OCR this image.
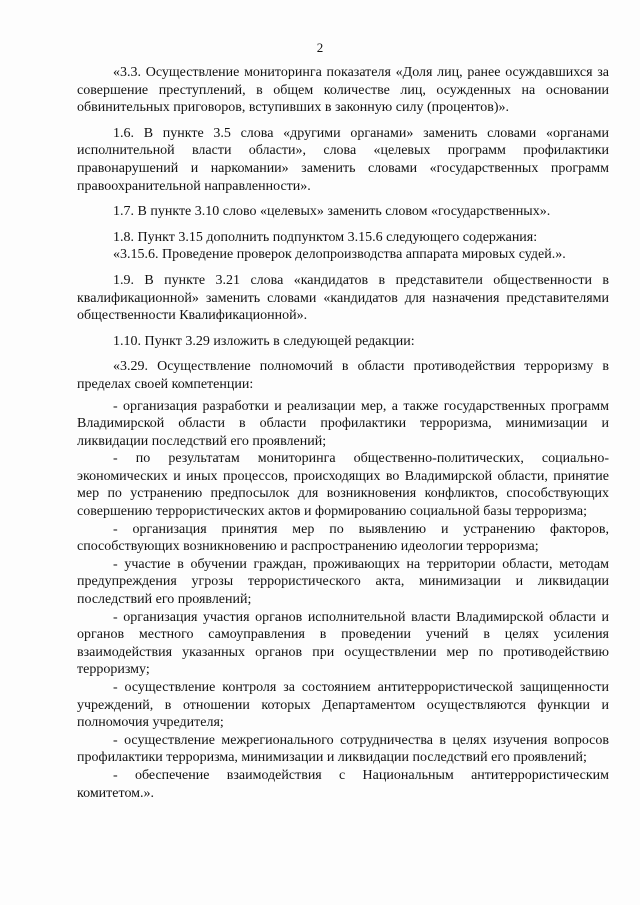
2

«3.3. Осуществление мониторинга показателя «Доля лиц, ранее осуждавшихся за совершение преступлений, в общем количестве лиц, осужденных на основании обвинительных приговоров, вступивших в законную силу (процентов)».

1.6. В пункте 3.5 слова «другими органами» заменить словами «органами исполнительной власти области», слова «целевых программ профилактики правонарушений и наркомании» заменить словами «государственных программ правоохранительной направленности».

1.7. В пункте 3.10 слово «целевых» заменить словом «государственных».

1.8. Пункт 3.15 дополнить подпунктом 3.15.6 следующего содержания:

«3.15.6. Проведение проверок делопроизводства аппарата мировых судей.».

1.9. В пункте 3.21 слова «кандидатов в представители общественности в квалификационной» заменить словами «кандидатов для назначения представителями общественности Квалификационной».

1.10. Пункт 3.29 изложить в следующей редакции:

«3.29. Осуществление полномочий в области противодействия терроризму в пределах своей компетенции:

- организация разработки и реализации мер, а также государственных программ Владимирской области в области профилактики терроризма, минимизации и ликвидации последствий его проявлений;

- по результатам мониторинга общественно-политических, социально-экономических и иных процессов, происходящих во Владимирской области, принятие мер по устранению предпосылок для возникновения конфликтов, способствующих совершению террористических актов и формированию социальной базы терроризма;

- организация принятия мер по выявлению и устранению факторов, способствующих возникновению и распространению идеологии терроризма;

- участие в обучении граждан, проживающих на территории области, методам предупреждения угрозы террористического акта, минимизации и ликвидации последствий его проявлений;

- организация участия органов исполнительной власти Владимирской области и органов местного самоуправления в проведении учений в целях усиления взаимодействия указанных органов при осуществлении мер по противодействию терроризму;

- осуществление контроля за состоянием антитеррористической защищенности учреждений, в отношении которых Департаментом осуществляются функции и полномочия учредителя;

- осуществление межрегионального сотрудничества в целях изучения вопросов профилактики терроризма, минимизации и ликвидации последствий его проявлений;

- обеспечение взаимодействия с Национальным антитеррористическим комитетом.».
